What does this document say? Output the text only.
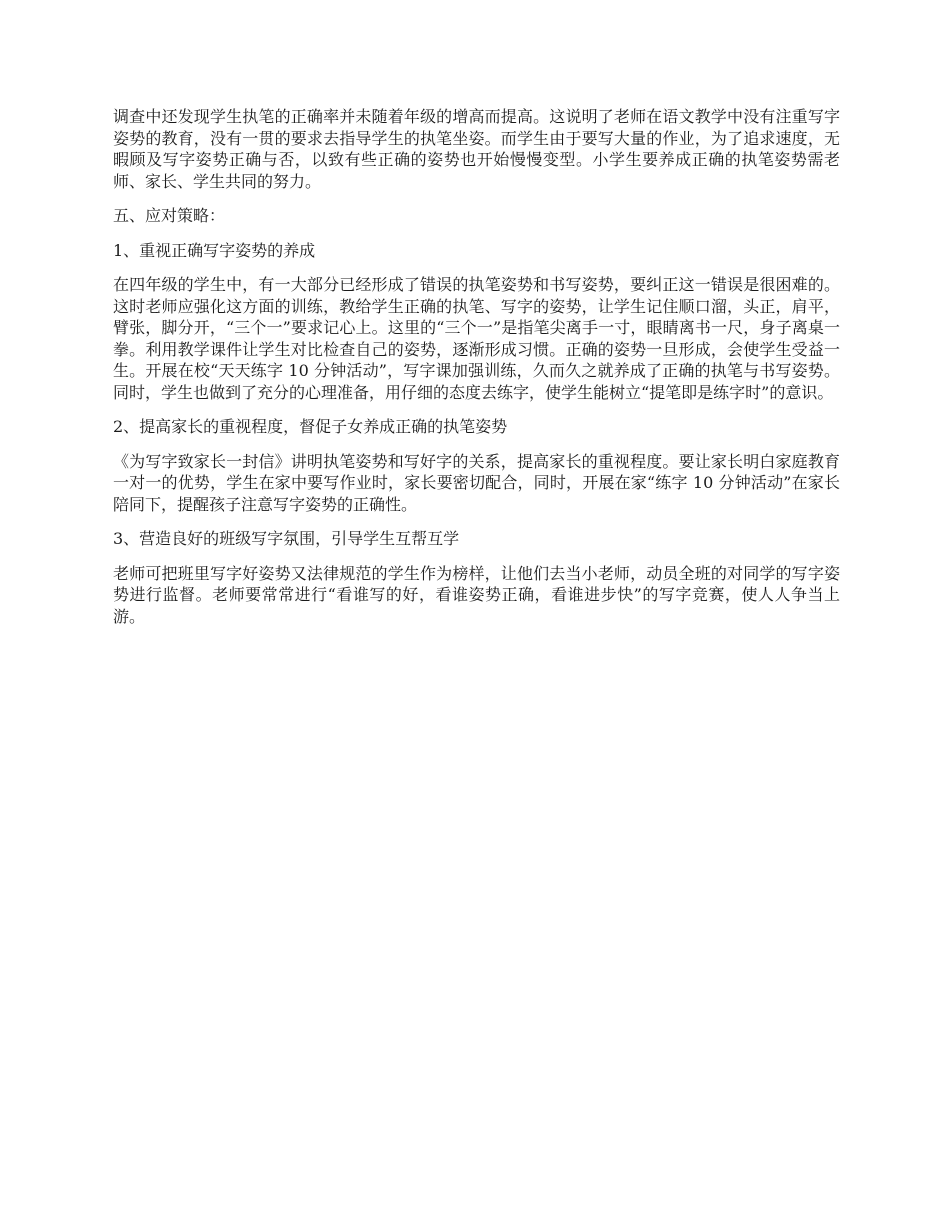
调查中还发现学生执笔的正确率并未随着年级的增高而提高。这说明了老师在语文教学中没有注重写字姿势的教育，没有一贯的要求去指导学生的执笔坐姿。而学生由于要写大量的作业，为了追求速度，无暇顾及写字姿势正确与否，以致有些正确的姿势也开始慢慢变型。小学生要养成正确的执笔姿势需老师、家长、学生共同的努力。

五、应对策略：

1、重视正确写字姿势的养成

在四年级的学生中，有一大部分已经形成了错误的执笔姿势和书写姿势，要纠正这一错误是很困难的。这时老师应强化这方面的训练，教给学生正确的执笔、写字的姿势，让学生记住顺口溜，头正，肩平，臂张，脚分开，“三个一”要求记心上。这里的“三个一”是指笔尖离手一寸，眼睛离书一尺，身子离桌一拳。利用教学课件让学生对比检查自己的姿势，逐渐形成习惯。正确的姿势一旦形成，会使学生受益一生。开展在校“天天练字 10 分钟活动”，写字课加强训练，久而久之就养成了正确的执笔与书写姿势。同时，学生也做到了充分的心理准备，用仔细的态度去练字，使学生能树立“提笔即是练字时”的意识。

2、提高家长的重视程度，督促子女养成正确的执笔姿势

《为写字致家长一封信》讲明执笔姿势和写好字的关系，提高家长的重视程度。要让家长明白家庭教育一对一的优势，学生在家中要写作业时，家长要密切配合，同时，开展在家“练字 10 分钟活动”在家长陪同下，提醒孩子注意写字姿势的正确性。

3、营造良好的班级写字氛围，引导学生互帮互学

老师可把班里写字好姿势又法律规范的学生作为榜样，让他们去当小老师，动员全班的对同学的写字姿势进行监督。老师要常常进行“看谁写的好，看谁姿势正确，看谁进步快”的写字竞赛，使人人争当上游。
